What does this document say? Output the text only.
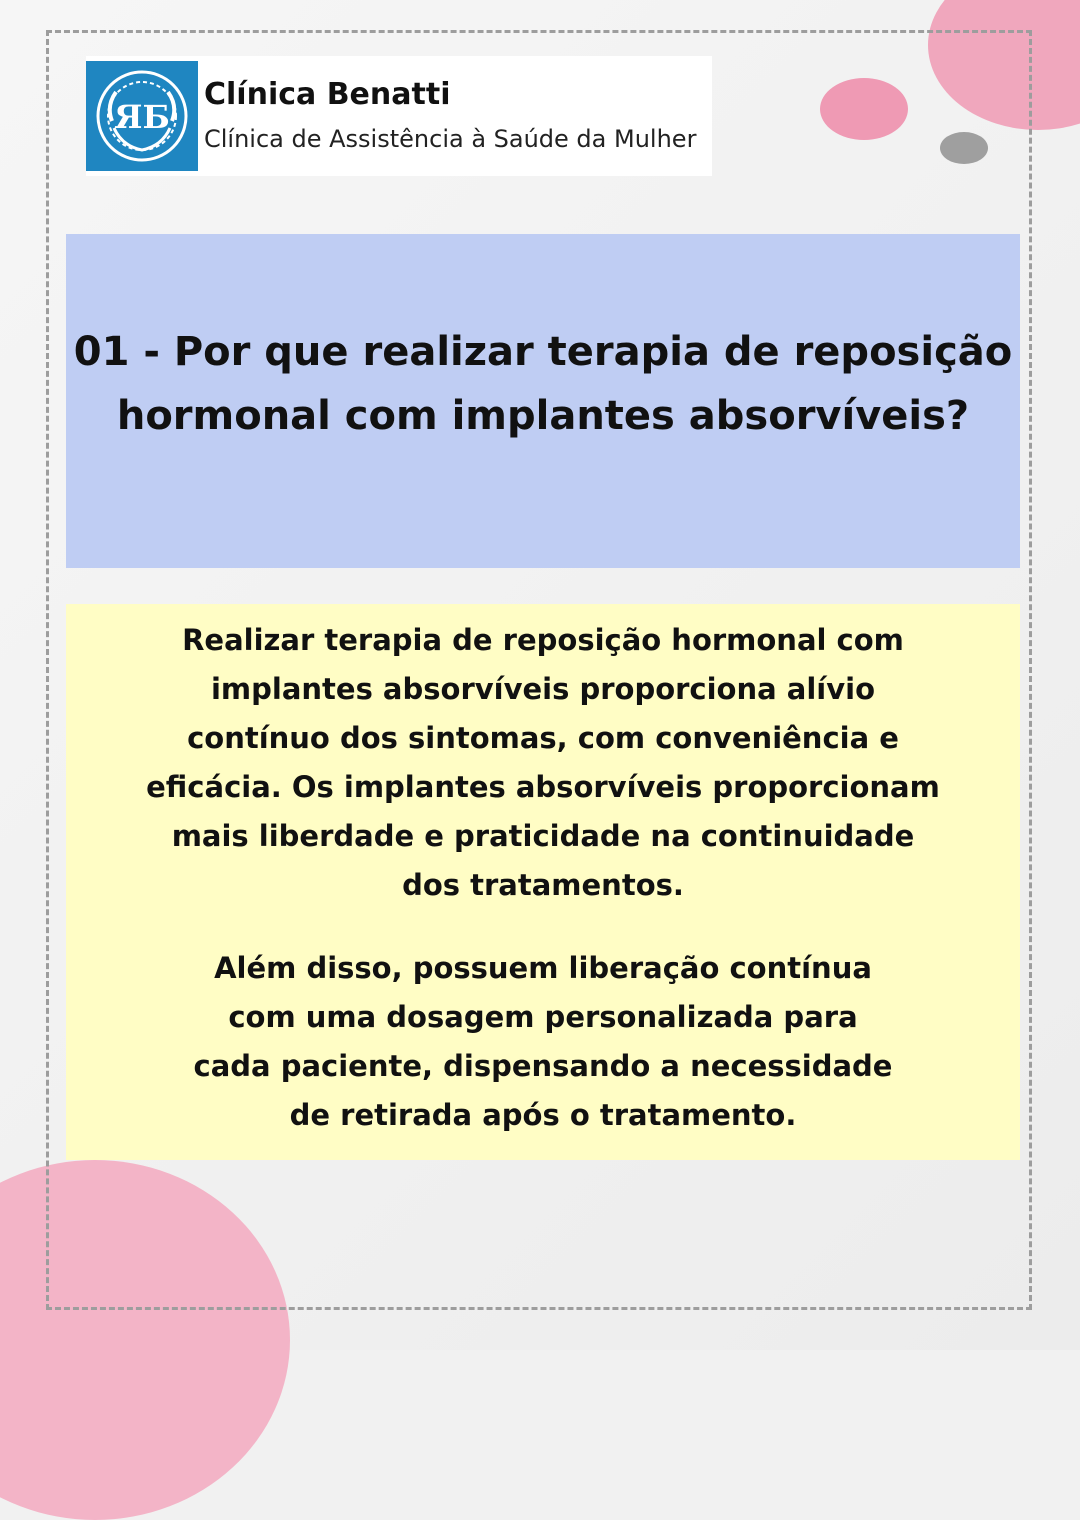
ЯБ
Clínica Benatti
Clínica de Assistência à Saúde da Mulher

01 - Por que realizar terapia de reposição
hormonal com implantes absorvíveis?

Realizar terapia de reposição hormonal com
implantes absorvíveis proporciona alívio
contínuo dos sintomas, com conveniência e
eficácia. Os implantes absorvíveis proporcionam
mais liberdade e praticidade na continuidade
dos tratamentos.

Além disso, possuem liberação contínua
com uma dosagem personalizada para
cada paciente, dispensando a necessidade
de retirada após o tratamento.
